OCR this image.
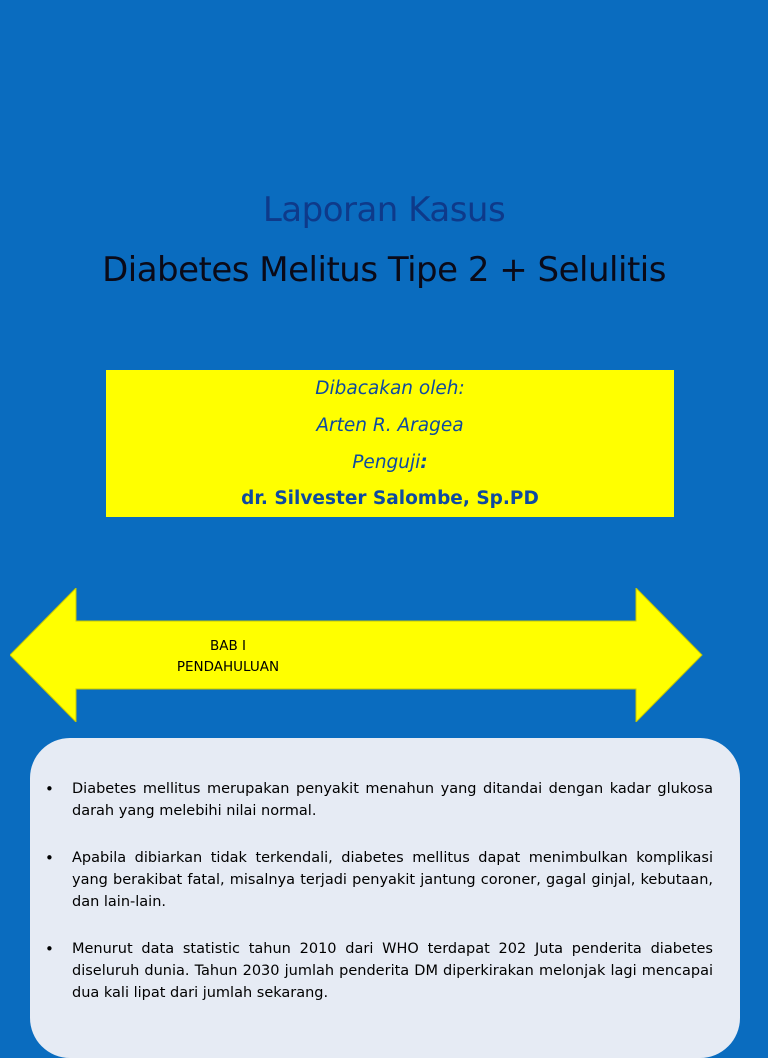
Laporan Kasus
Diabetes Melitus Tipe 2 + Selulitis
Dibacakan oleh:
Arten R. Aragea
Penguji:
dr. Silvester Salombe, Sp.PD
BAB I
PENDAHULUAN
• Diabetes mellitus merupakan penyakit menahun yang ditandai dengan kadar glukosa darah yang melebihi nilai normal.
• Apabila dibiarkan tidak terkendali, diabetes mellitus dapat menimbulkan komplikasi yang berakibat fatal, misalnya terjadi penyakit jantung coroner, gagal ginjal, kebutaan, dan lain-lain.
• Menurut data statistic tahun 2010 dari WHO terdapat 202 Juta penderita diabetes diseluruh dunia. Tahun 2030 jumlah penderita DM diperkirakan melonjak lagi mencapai dua kali lipat dari jumlah sekarang.
